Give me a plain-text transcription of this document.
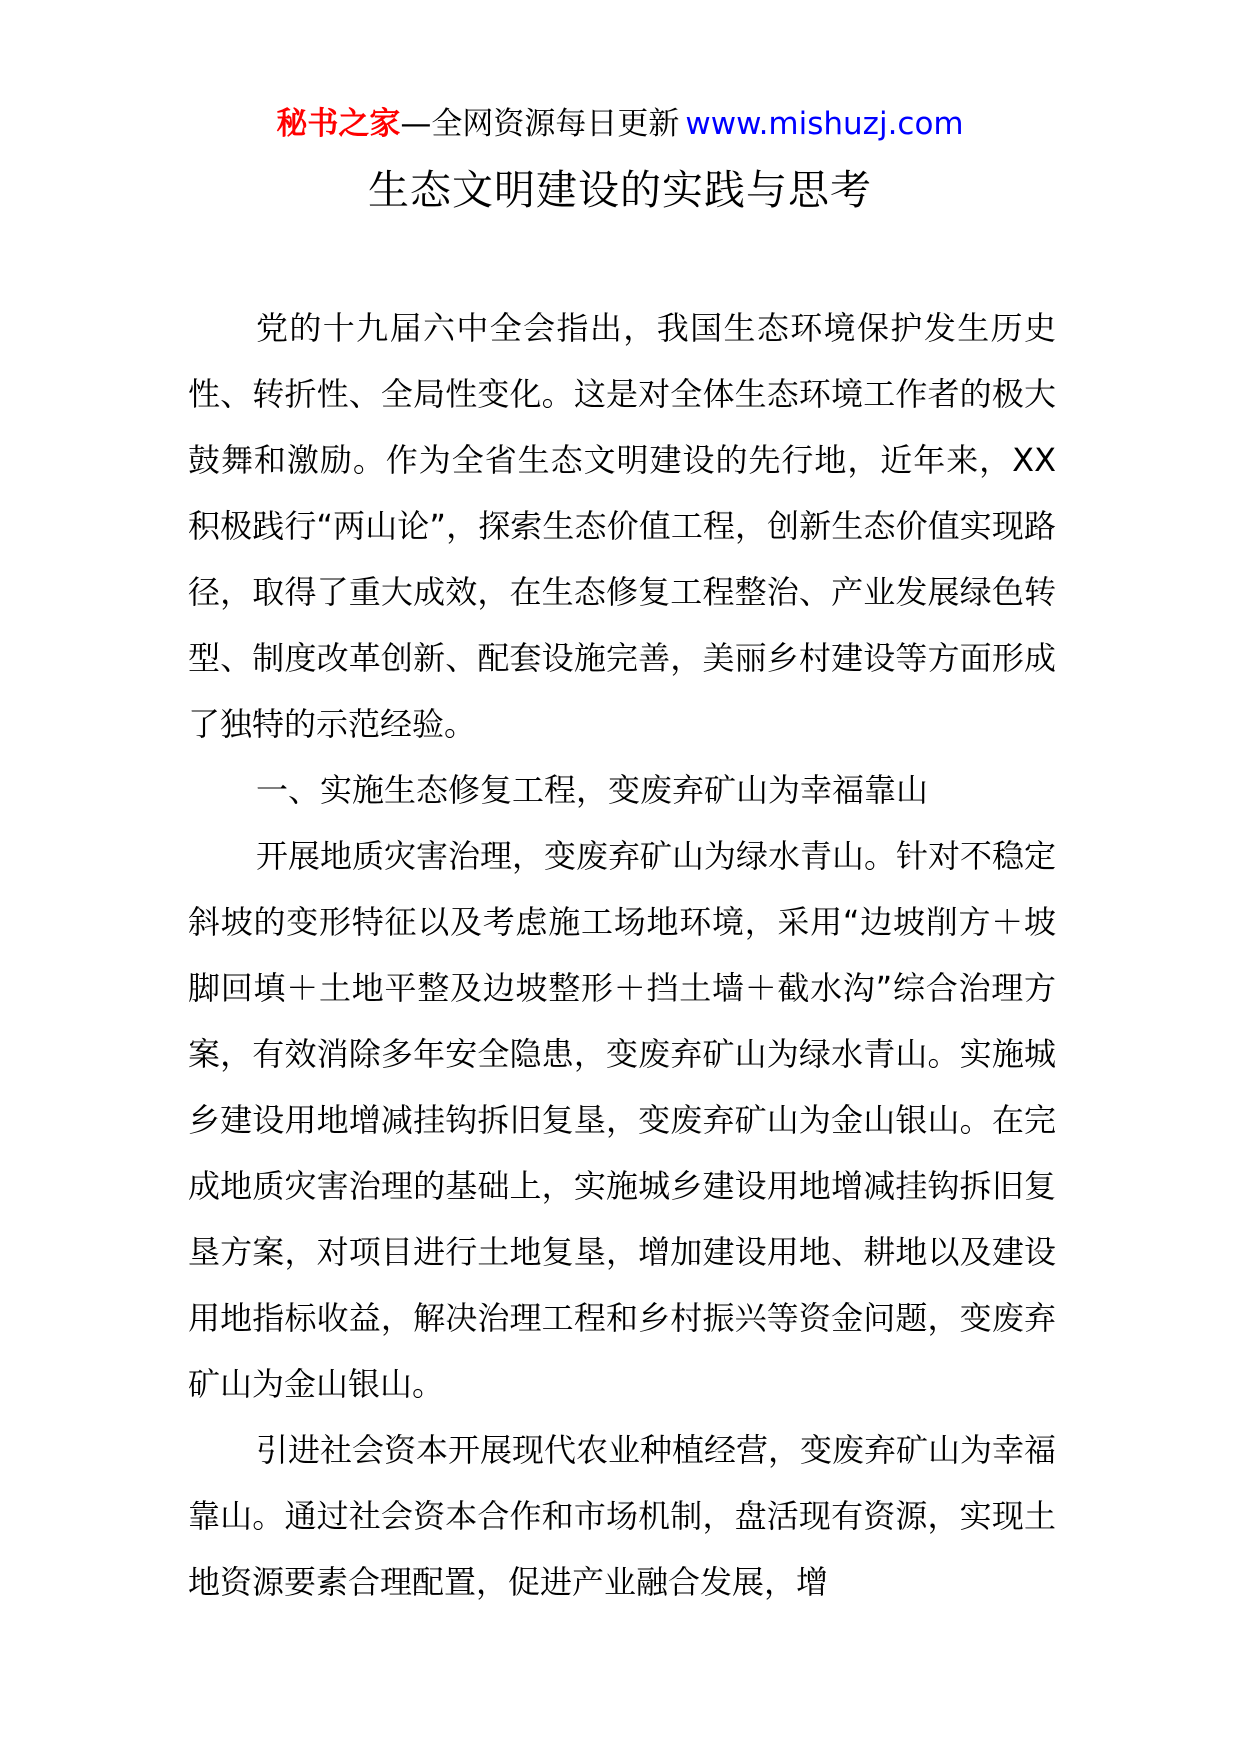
秘书之家—全网资源每日更新 www.mishuzj.com
生态文明建设的实践与思考

党的十九届六中全会指出，我国生态环境保护发生历史性、转折性、全局性变化。这是对全体生态环境工作者的极大鼓舞和激励。作为全省生态文明建设的先行地，近年来，XX积极践行“两山论”，探索生态价值工程，创新生态价值实现路径，取得了重大成效，在生态修复工程整治、产业发展绿色转型、制度改革创新、配套设施完善，美丽乡村建设等方面形成了独特的示范经验。

一、实施生态修复工程，变废弃矿山为幸福靠山

开展地质灾害治理，变废弃矿山为绿水青山。针对不稳定斜坡的变形特征以及考虑施工场地环境，采用“边坡削方＋坡脚回填＋土地平整及边坡整形＋挡土墙＋截水沟”综合治理方案，有效消除多年安全隐患，变废弃矿山为绿水青山。实施城乡建设用地增减挂钩拆旧复垦，变废弃矿山为金山银山。在完成地质灾害治理的基础上，实施城乡建设用地增减挂钩拆旧复垦方案，对项目进行土地复垦，增加建设用地、耕地以及建设用地指标收益，解决治理工程和乡村振兴等资金问题，变废弃矿山为金山银山。

引进社会资本开展现代农业种植经营，变废弃矿山为幸福靠山。通过社会资本合作和市场机制，盘活现有资源，实现土地资源要素合理配置，促进产业融合发展，增
